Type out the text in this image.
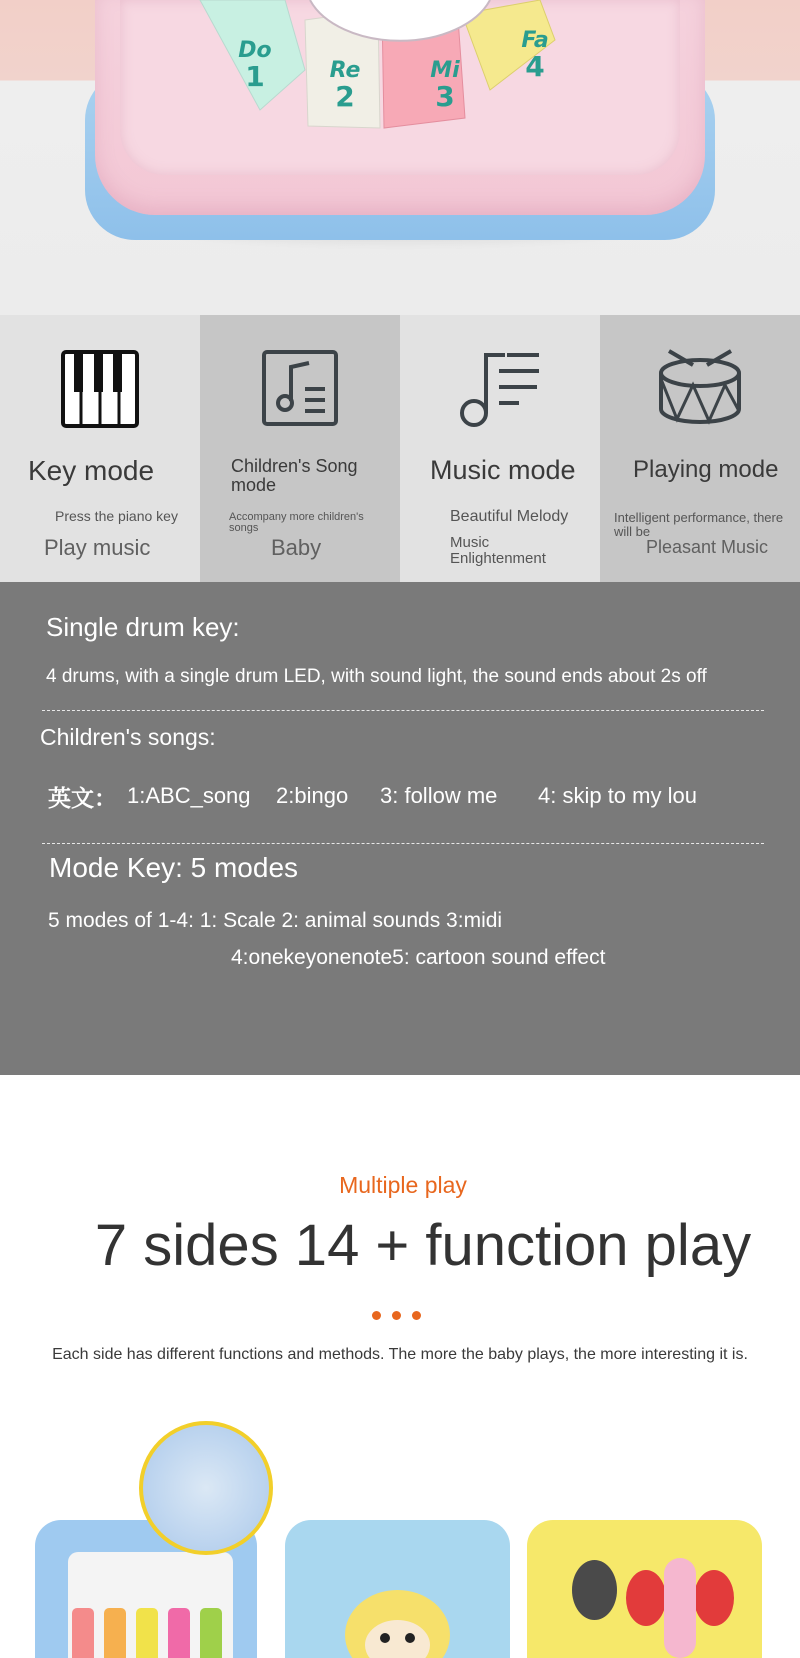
Do
1	Re
2
Mi
3
Fa
4
Key mode
Press the piano key
Play music
Children's Song mode
Accompany more children's songs
Baby
Music mode
Beautiful Melody
Music Enlightenment
Playing mode
Intelligent performance, there will be
Pleasant Music
Single drum key:
4 drums, with a single drum LED, with sound light, the sound ends about 2s off
Children's songs:
英文： 1:ABC_song 2:bingo 3: follow me 4: skip to my lou
Mode Key: 5 modes
5 modes of 1-4: 1: Scale 2: animal sounds 3:midi
4:onekeyonenote5: cartoon sound effect
Multiple play
7 sides 14 + function play
Each side has different functions and methods. The more the baby plays, the more interesting it is.
